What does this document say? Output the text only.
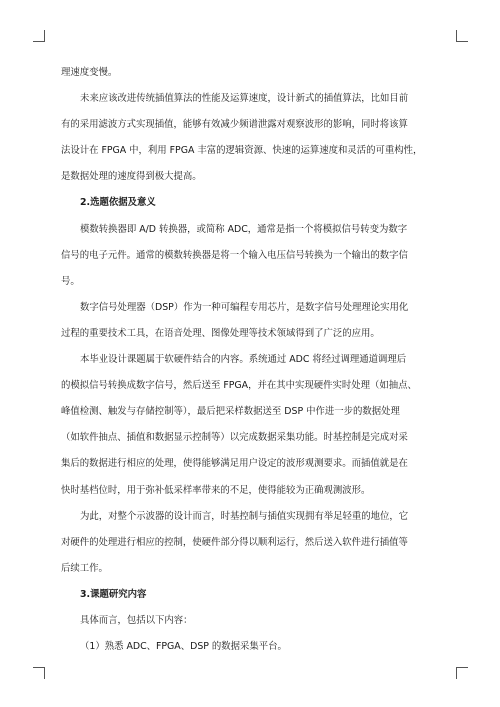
理速度变慢。
未来应该改进传统插值算法的性能及运算速度，设计新式的插值算法，比如目前
有的采用滤波方式实现插值，能够有效减少频谱泄露对观察波形的影响，同时将该算
法设计在 FPGA 中，利用 FPGA 丰富的逻辑资源、快速的运算速度和灵活的可重构性，
是数据处理的速度得到极大提高。
2.选题依据及意义
模数转换器即 A/D 转换器，或简称 ADC，通常是指一个将模拟信号转变为数字
信号的电子元件。通常的模数转换器是将一个输入电压信号转换为一个输出的数字信
号。
数字信号处理器（DSP）作为一种可编程专用芯片，是数字信号处理理论实用化
过程的重要技术工具，在语音处理、图像处理等技术领域得到了广泛的应用。
本毕业设计课题属于软硬件结合的内容。系统通过 ADC 将经过调理通道调理后
的模拟信号转换成数字信号，然后送至 FPGA，并在其中实现硬件实时处理（如抽点、
峰值检测、触发与存储控制等），最后把采样数据送至 DSP 中作进一步的数据处理
（如软件抽点、插值和数据显示控制等）以完成数据采集功能。时基控制是完成对采
集后的数据进行相应的处理，使得能够满足用户设定的波形观测要求。而插值就是在
快时基档位时，用于弥补低采样率带来的不足，使得能较为正确观测波形。
为此，对整个示波器的设计而言，时基控制与插值实现拥有举足轻重的地位，它
对硬件的处理进行相应的控制，使硬件部分得以顺利运行，然后送入软件进行插值等
后续工作。
3.课题研究内容
具体而言，包括以下内容：
（1）熟悉 ADC、FPGA、DSP 的数据采集平台。
